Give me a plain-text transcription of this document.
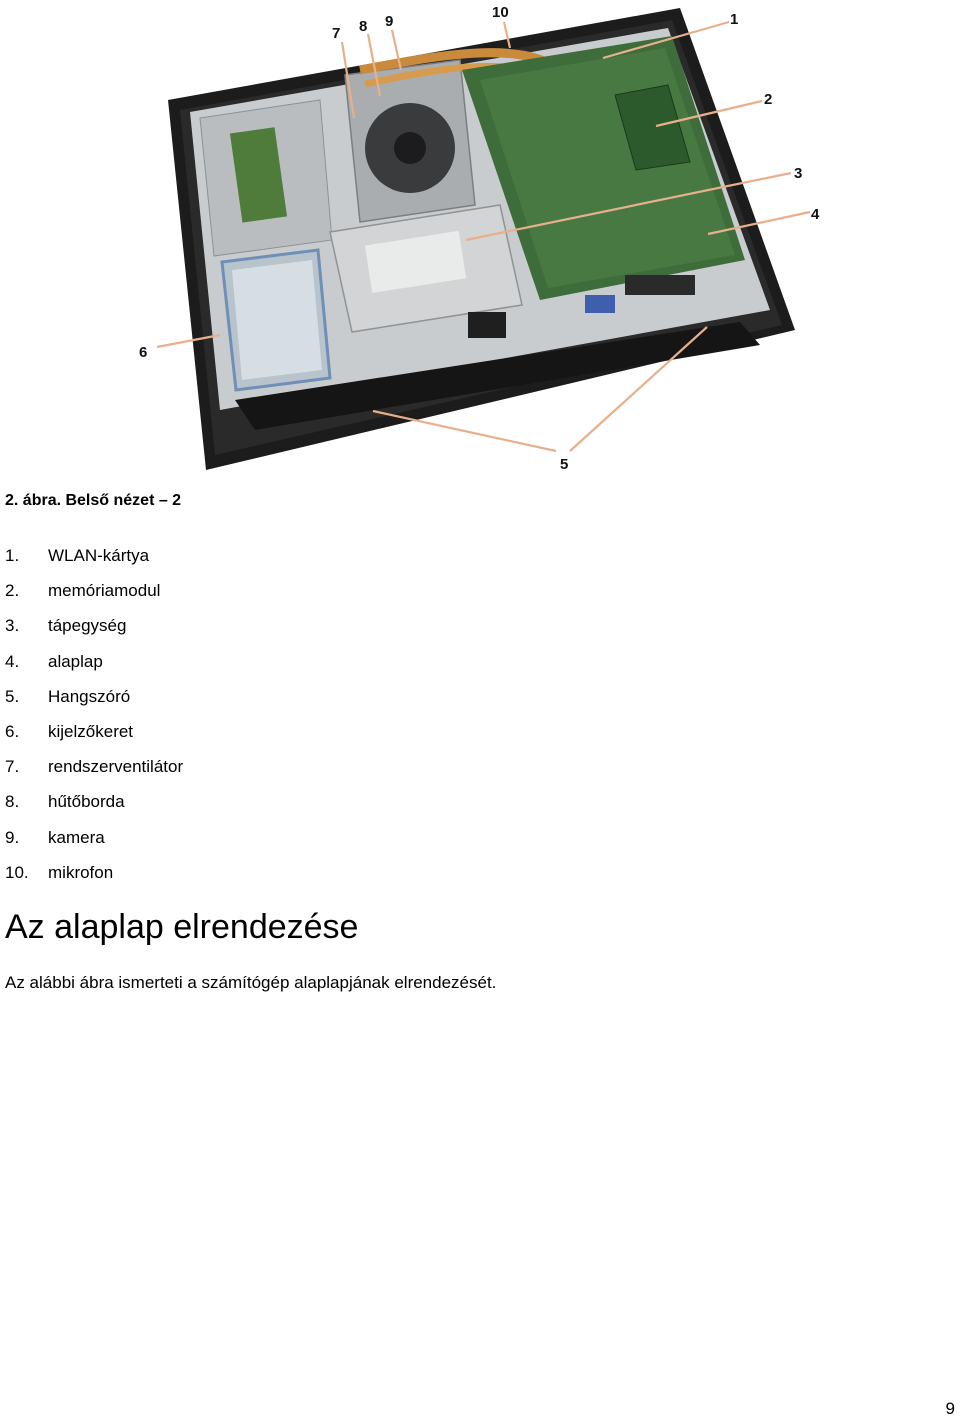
1
2
3
4
5
6
7 8 9
10
2. ábra. Belső nézet – 2
1. WLAN-kártya
2. memóriamodul
3. tápegység
4. alaplap
5. Hangszóró
6. kijelzőkeret
7. rendszerventilátor
8. hűtőborda
9. kamera
10. mikrofon
Az alaplap elrendezése

Az alábbi ábra ismerteti a számítógép alaplapjának elrendezését.

9
